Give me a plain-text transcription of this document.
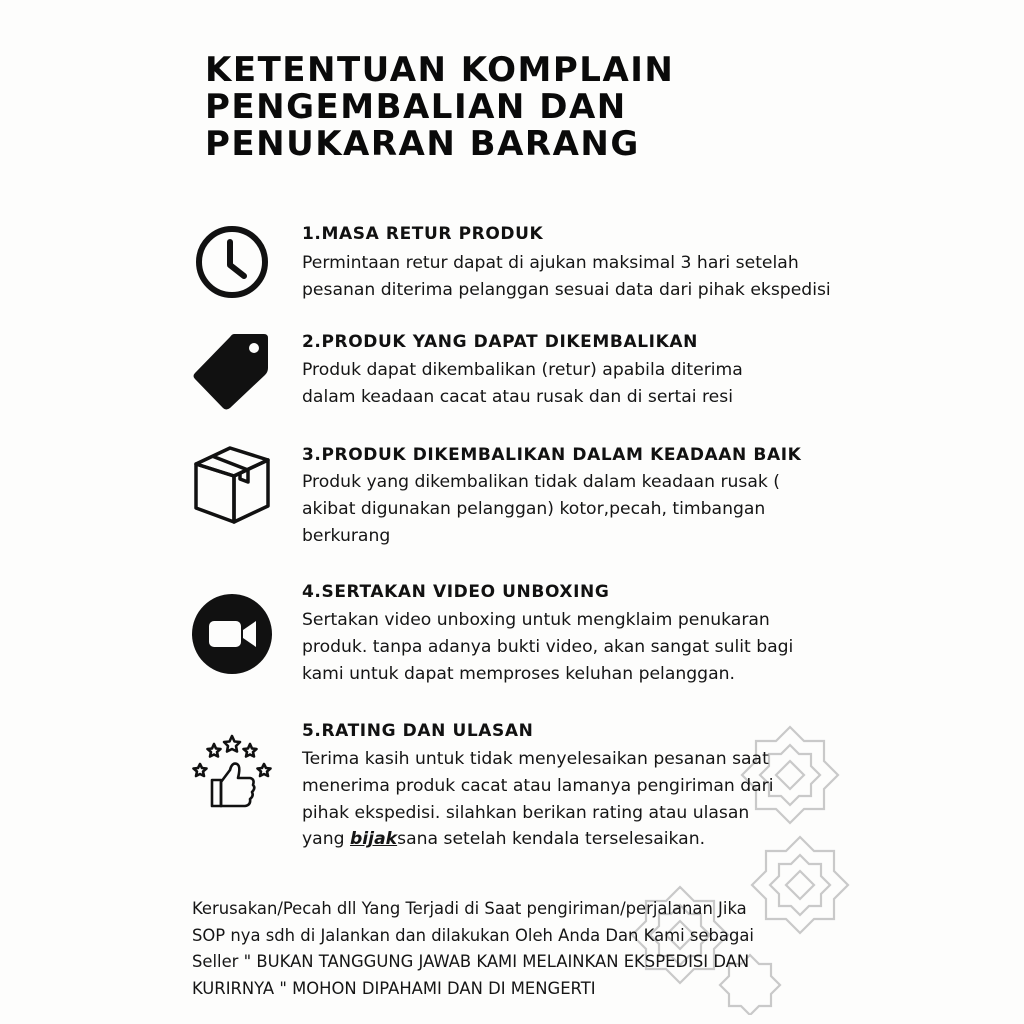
KETENTUAN KOMPLAIN
PENGEMBALIAN DAN
PENUKARAN BARANG
1.MASA RETUR PRODUK
Permintaan retur dapat di ajukan maksimal 3 hari setelah
pesanan diterima pelanggan sesuai data dari pihak ekspedisi
2.PRODUK YANG DAPAT DIKEMBALIKAN
Produk dapat dikembalikan (retur) apabila diterima
dalam keadaan cacat atau rusak dan di sertai resi
3.PRODUK DIKEMBALIKAN DALAM KEADAAN BAIK
Produk yang dikembalikan tidak dalam keadaan rusak (
akibat digunakan pelanggan) kotor,pecah, timbangan
berkurang
4.SERTAKAN VIDEO UNBOXING
Sertakan video unboxing untuk mengklaim penukaran
produk. tanpa adanya bukti video, akan sangat sulit bagi
kami untuk dapat memproses keluhan pelanggan.
5.RATING DAN ULASAN
Terima kasih untuk tidak menyelesaikan pesanan saat
menerima produk cacat atau lamanya pengiriman dari
pihak ekspedisi. silahkan berikan rating atau ulasan
yang bijaksana setelah kendala terselesaikan.
Kerusakan/Pecah dll Yang Terjadi di Saat pengiriman/perjalanan Jika
SOP nya sdh di Jalankan dan dilakukan Oleh Anda Dan Kami sebagai
Seller " BUKAN TANGGUNG JAWAB KAMI MELAINKAN EKSPEDISI DAN
KURIRNYA " MOHON DIPAHAMI DAN DI MENGERTI
